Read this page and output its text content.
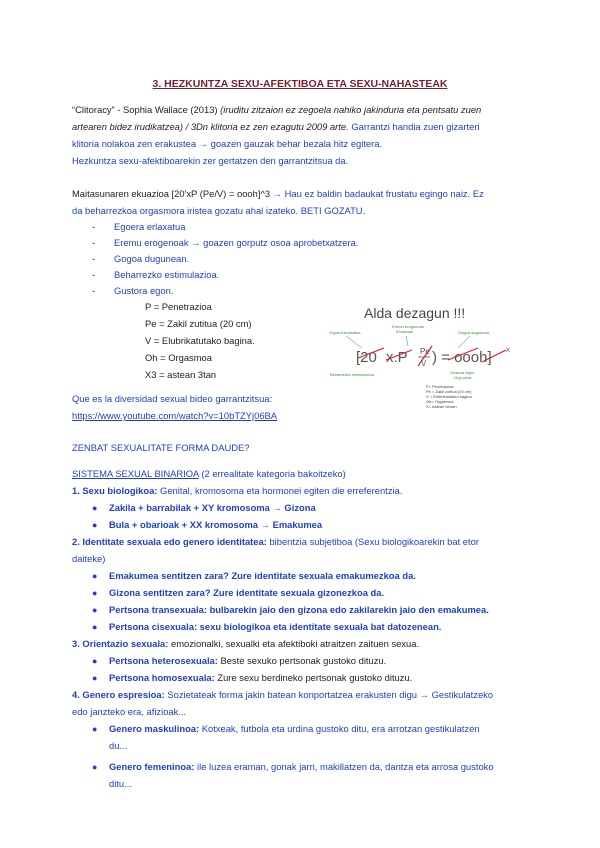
3. HEZKUNTZA SEXU-AFEKTIBOA ETA SEXU-NAHASTEAK
“Clitoracy” - Sophia Wallace (2013) (iruditu zitzaion ez zegoela nahiko jakinduria eta pentsatu zuen
artearen bidez irudikatzea) / 3Dn klitoria ez zen ezagutu 2009 arte. Garrantzi handia zuen gizarteri
klitoria nolakoa zen erakustea → goazen gauzak behar bezala hitz egitera.
Hezkuntza sexu-afektiboarekin zer gertatzen den garrantzitsua da.
Maitasunaren ekuazioa [20'xP (Pe/V) = oooh]^3 → Hau ez baldin badaukat frustatu egingo naiz. Ez
da beharrezkoa orgasmora iristea gozatu ahal izateko. BETI GOZATU.
- Egoera erlaxatua
- Eremu erogenoak → goazen gorputz osoa aprobetxatzera.
- Gogoa dugunean.
- Beharrezko estimulazioa.
- Gustora egon.
P = Penetrazioa
Pe = Zakil zutitua (20 cm)
V = Elubrikatutako bagina.
Oh = Orgasmoa
X3 = astean 3tan
Alda dezagun !!!
Egoera erlaxatua
Eremu erogenoak
Erosanak	Gogoa dugunean
[20 x.P Pe
V ) = oooh] X
Beharrezko estimulazioa	Gustora egon
Orgi pesa
P= Penetrazioa
Pe = Zakil zutitua (20 cm)
V = Elubrikatutako bagina
Oh= Orgasmoa
X= Astean hiruan
Que es la diversidad sexual bideo garrantzitsua:
https://www.youtube.com/watch?v=10bTZYj06BA
ZENBAT SEXUALITATE FORMA DAUDE?
SISTEMA SEXUAL BINARIOA (2 errealitate kategoria bakoitzeko)
1. Sexu biologikoa: Genital, kromosoma eta hormonei egiten die erreferentzia.
● Zakila + barrabilak + XY kromosoma → Gizona
● Bula + obarioak + XX kromosoma → Emakumea
2. Identitate sexuala edo genero identitatea: bibentzia subjetiboa (Sexu biologikoarekin bat etor
daiteke)
● Emakumea sentitzen zara? Zure identitate sexuala emakumezkoa da.
● Gizona sentitzen zara? Zure identitate sexuala gizonezkoa da.
● Pertsona transexuala: bulbarekin jaio den gizona edo zakilarekin jaio den emakumea.
● Pertsona cisexuala: sexu biologikoa eta identitate sexuala bat datozenean.
3. Orientazio sexuala: emozionalki, sexualki eta afektiboki atraitzen zaituen sexua.
● Pertsona heterosexuala: Beste sexuko pertsonak gustoko dituzu.
● Pertsona homosexuala: Zure sexu berdineko pertsonak gustoko dituzu.
4. Genero espresioa: Sozietateak forma jakin batean konportatzea erakusten digu → Gestikulatzeko
edo janzteko era, afizioak...
● Genero maskulinoa: Kotxeak, futbola eta urdina gustoko ditu, era arrotzan gestikulatzen
du...
● Genero femeninoa: ile luzea eraman, gonak jarri, makillatzen da, dantza eta arrosa gustoko
ditu...
